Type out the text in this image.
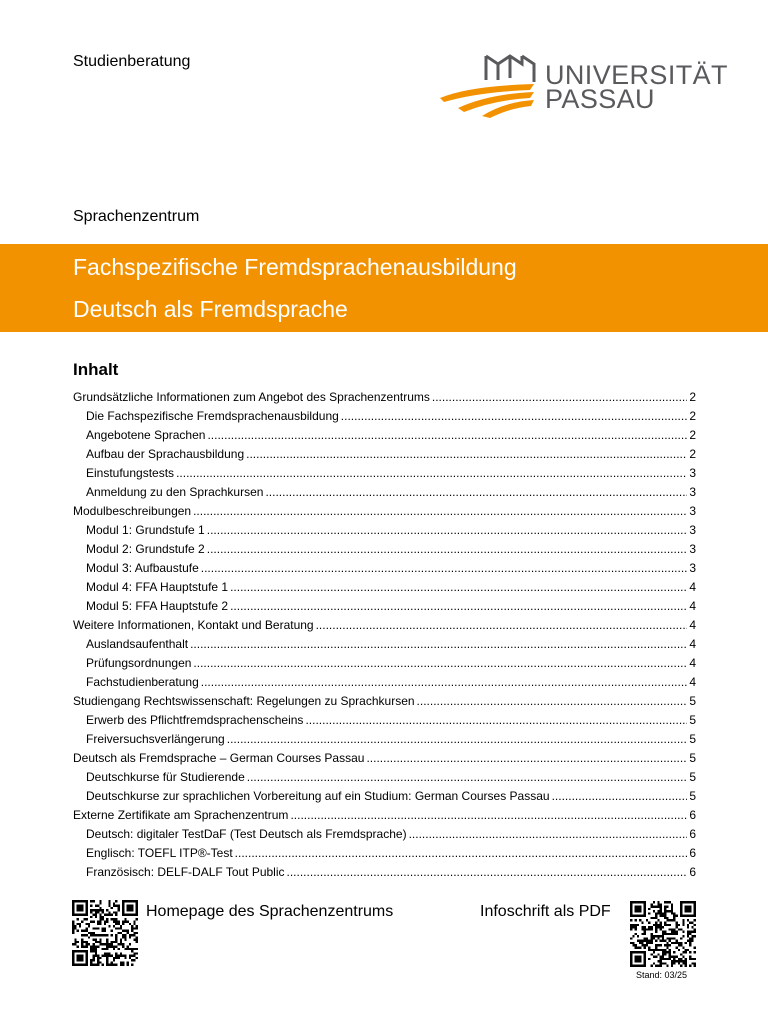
Studienberatung	UNIVERSITÄT
PASSAU
Sprachenzentrum
Fachspezifische Fremdsprachenausbildung
Deutsch als Fremdsprache
Inhalt
Grundsätzliche Informationen zum Angebot des Sprachenzentrums .....	2
Die Fachspezifische Fremdsprachenausbildung .....	2
Angebotene Sprachen .....	2
Aufbau der Sprachausbildung .....	2
Einstufungstests .....	3
Anmeldung zu den Sprachkursen .....	3
Modulbeschreibungen .....	3
Modul 1: Grundstufe 1 .....	3
Modul 2: Grundstufe 2 .....	3
Modul 3: Aufbaustufe .....	3
Modul 4: FFA Hauptstufe 1 .....	4
Modul 5: FFA Hauptstufe 2 .....	4
Weitere Informationen, Kontakt und Beratung .....	4
Auslandsaufenthalt .....	4
Prüfungsordnungen .....	4
Fachstudienberatung .....	4
Studiengang Rechtswissenschaft: Regelungen zu Sprachkursen .....	5
Erwerb des Pflichtfremdsprachenscheins .....	5
Freiversuchsverlängerung .....	5
Deutsch als Fremdsprache – German Courses Passau .....	5
Deutschkurse für Studierende .....	5
Deutschkurse zur sprachlichen Vorbereitung auf ein Studium: German Courses Passau .....	5
Externe Zertifikate am Sprachenzentrum .....	6
Deutsch: digitaler TestDaF (Test Deutsch als Fremdsprache) .....	6
Englisch: TOEFL ITP®-Test .....	6
Französisch: DELF-DALF Tout Public .....	6
Homepage des Sprachenzentrums	Infoschrift als PDF
Stand: 03/25
